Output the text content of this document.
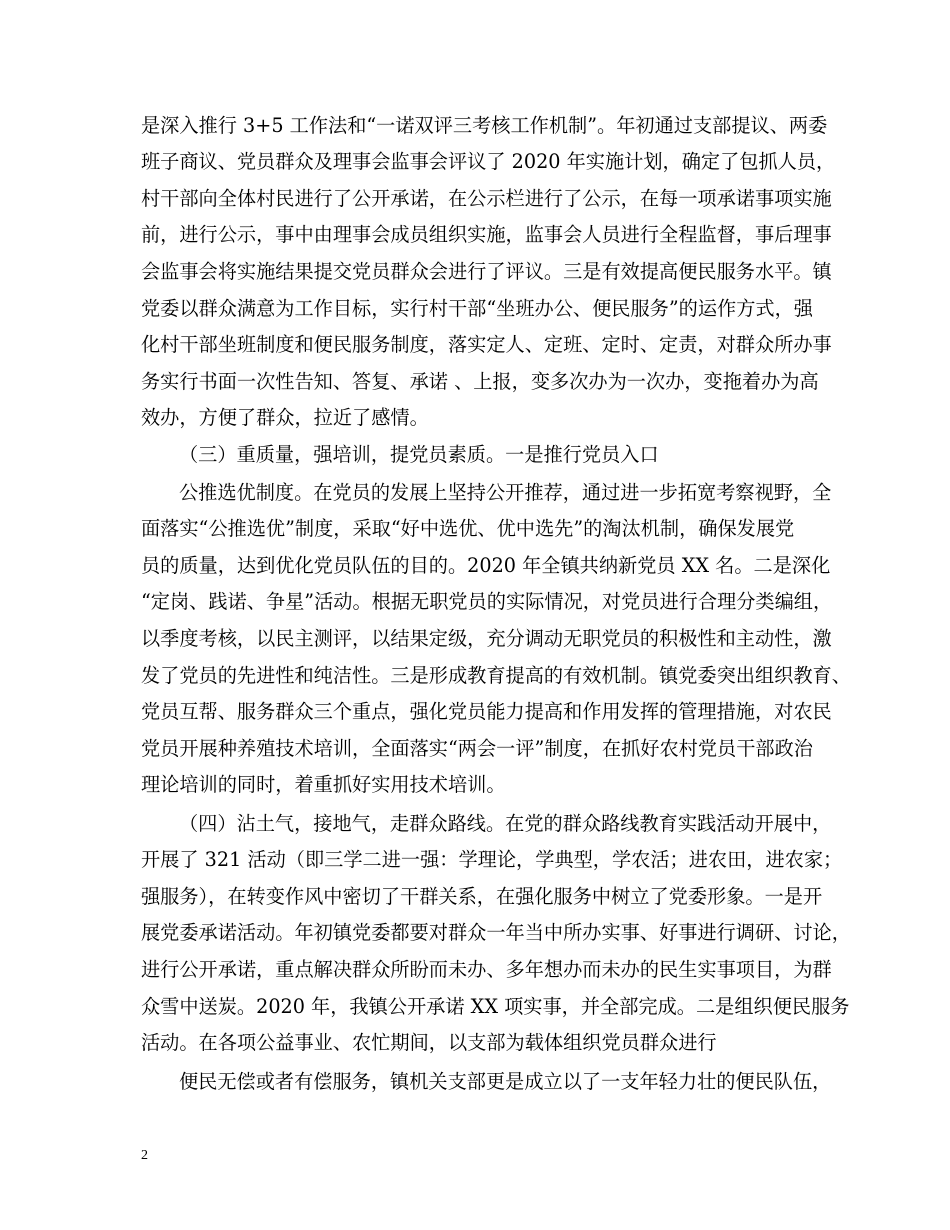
是深入推行 3+5 工作法和“一诺双评三考核工作机制”。年初通过支部提议、两委
班子商议、党员群众及理事会监事会评议了 2020 年实施计划，确定了包抓人员，
村干部向全体村民进行了公开承诺，在公示栏进行了公示，在每一项承诺事项实施
前，进行公示，事中由理事会成员组织实施，监事会人员进行全程监督，事后理事
会监事会将实施结果提交党员群众会进行了评议。三是有效提高便民服务水平。镇
党委以群众满意为工作目标，实行村干部“坐班办公、便民服务”的运作方式，强
化村干部坐班制度和便民服务制度，落实定人、定班、定时、定责，对群众所办事
务实行书面一次性告知、答复、承诺 、上报，变多次办为一次办，变拖着办为高
效办，方便了群众，拉近了感情。
（三）重质量，强培训，提党员素质。一是推行党员入口
公推选优制度。在党员的发展上坚持公开推荐，通过进一步拓宽考察视野，全
面落实“公推选优”制度，采取“好中选优、优中选先”的淘汰机制，确保发展党
员的质量，达到优化党员队伍的目的。2020 年全镇共纳新党员 XX 名。二是深化
“定岗、践诺、争星”活动。根据无职党员的实际情况，对党员进行合理分类编组，
以季度考核，以民主测评，以结果定级，充分调动无职党员的积极性和主动性，激
发了党员的先进性和纯洁性。三是形成教育提高的有效机制。镇党委突出组织教育、
党员互帮、服务群众三个重点，强化党员能力提高和作用发挥的管理措施，对农民
党员开展种养殖技术培训，全面落实“两会一评”制度，在抓好农村党员干部政治
理论培训的同时，着重抓好实用技术培训。
（四）沾土气，接地气，走群众路线。在党的群众路线教育实践活动开展中，
开展了 321 活动（即三学二进一强：学理论，学典型，学农活；进农田，进农家；
强服务），在转变作风中密切了干群关系，在强化服务中树立了党委形象。一是开
展党委承诺活动。年初镇党委都要对群众一年当中所办实事、好事进行调研、讨论，
进行公开承诺，重点解决群众所盼而未办、多年想办而未办的民生实事项目，为群
众雪中送炭。2020 年，我镇公开承诺 XX 项实事，并全部完成。二是组织便民服务
活动。在各项公益事业、农忙期间，以支部为载体组织党员群众进行
便民无偿或者有偿服务，镇机关支部更是成立以了一支年轻力壮的便民队伍，
2
